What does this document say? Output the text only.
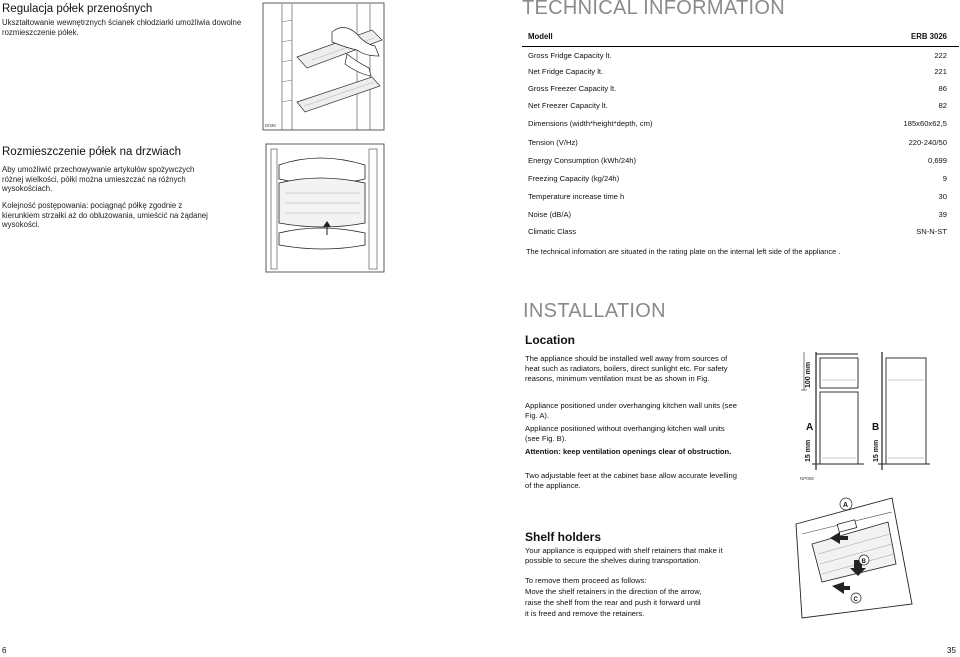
Regulacja półek przenośnych

Ukształtowanie wewnętrznych ścianek chłodziarki umożliwia dowolne rozmieszczenie półek.

D038
Rozmieszczenie półek na drzwiach

Aby umożliwić przechowywanie artykułów spożywczych różnej wielkości, półki można umieszczać na różnych wysokościach.

Kolejność postępowania: pociągnąć półkę zgodnie z kierunkiem strzałki aż do obluzowania, umieścić na żądanej wysokości.

6
TECHNICAL INFORMATION
Modell	ERB 3026
Gross Fridge Capacity lt.	222
Net Fridge Capacity lt.	221
Gross Freezer Capacity lt.	86
Net Freezer Capacity lt.	82
Dimensions (width*height*depth, cm)	185x60x62,5
Tension (V/Hz)	220-240/50
Energy Consumption (kWh/24h)	0,699
Freezing Capacity (kg/24h)	9
Temperature increase time h	30
Noise (dB/A)	39
Climatic Class	SN-N-ST
The technical infomation are situated in the rating plate on the internal left side of the appliance .
INSTALLATION
Location

The appliance should be installed well away from sources of heat such as radiators, boilers, direct sunlight etc. For safety reasons, minimum ventilation must be as shown in Fig.

Appliance positioned under overhanging kitchen wall units (see Fig. A).

Appliance positioned without overhanging kitchen wall units (see Fig. B).

Attention: keep ventilation openings clear of obstruction.

Two adjustable feet at the cabinet base allow accurate levelling of the appliance.

100 mm
15 mm
A
NP008
B
15 mm
Shelf holders

Your appliance is equipped with shelf retainers that make it possible to secure the shelves during transportation.

To remove them proceed as follows:

Move the shelf retainers in the direction of the arrow,

raise the shelf from the rear and push it forward until

it is freed and remove the retainers.

A
B
C
35
